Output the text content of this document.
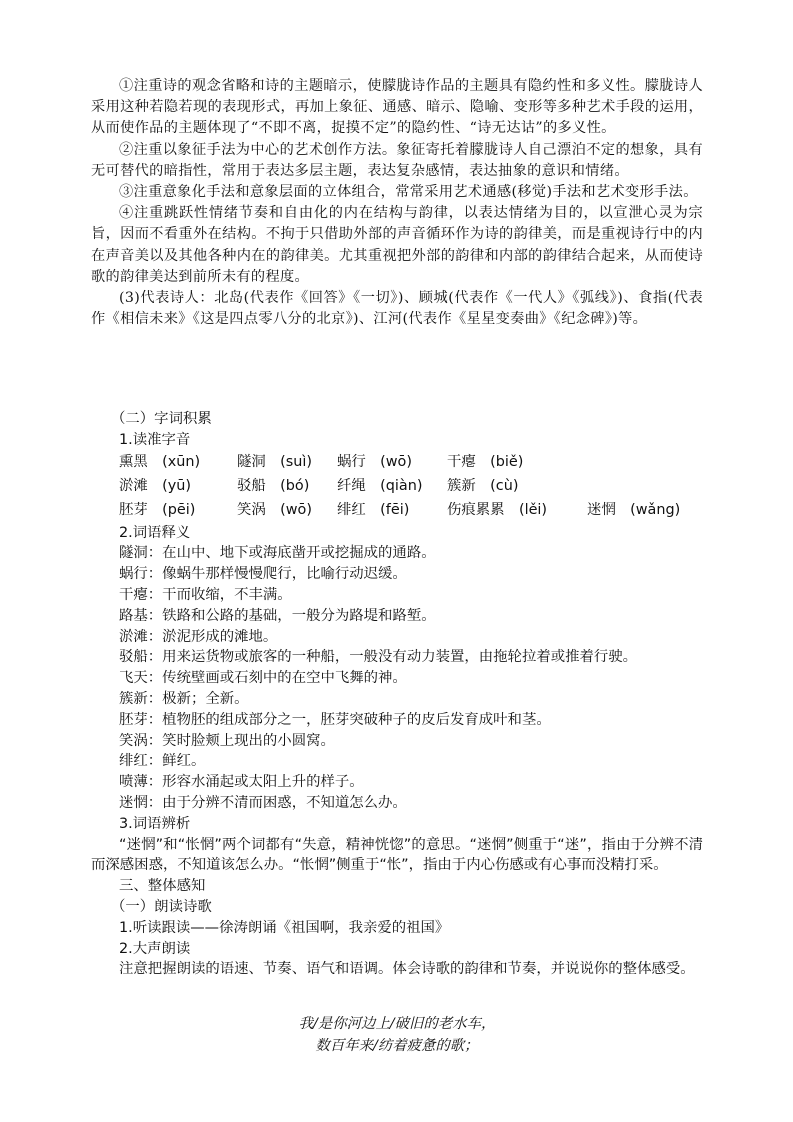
①注重诗的观念省略和诗的主题暗示，使朦胧诗作品的主题具有隐约性和多义性。朦胧诗人采用这种若隐若现的表现形式，再加上象征、通感、暗示、隐喻、变形等多种艺术手段的运用，从而使作品的主题体现了“不即不离，捉摸不定”的隐约性、“诗无达诂”的多义性。

②注重以象征手法为中心的艺术创作方法。象征寄托着朦胧诗人自己漂泊不定的想象，具有无可替代的暗指性，常用于表达多层主题，表达复杂感情，表达抽象的意识和情绪。

③注重意象化手法和意象层面的立体组合，常常采用艺术通感(移觉)手法和艺术变形手法。

④注重跳跃性情绪节奏和自由化的内在结构与韵律，以表达情绪为目的，以宣泄心灵为宗旨，因而不看重外在结构。不拘于只借助外部的声音循环作为诗的韵律美，而是重视诗行中的内在声音美以及其他各种内在的韵律美。尤其重视把外部的韵律和内部的韵律结合起来，从而使诗歌的韵律美达到前所未有的程度。

(3)代表诗人：北岛(代表作《回答》《一切》)、顾城(代表作《一代人》《弧线》)、食指(代表作《相信未来》《这是四点零八分的北京》)、江河(代表作《星星变奏曲》《纪念碑》)等。

（二）字词积累

1.读准字音

熏黑　(xūn)	隧洞　(suì)	蜗行　(wō)	干瘪　(biě)
淤滩　(yū)	驳船　(bó)	纤绳　(qiàn)	簇新　(cù)
胚芽　(pēi)	笑涡　(wō)	绯红　(fēi)	伤痕累累　(lěi)	迷惘　(wǎng)

2.词语释义

隧洞：在山中、地下或海底凿开或挖掘成的通路。

蜗行：像蜗牛那样慢慢爬行，比喻行动迟缓。

干瘪：干而收缩，不丰满。

路基：铁路和公路的基础，一般分为路堤和路堑。

淤滩：淤泥形成的滩地。

驳船：用来运货物或旅客的一种船，一般没有动力装置，由拖轮拉着或推着行驶。

飞天：传统壁画或石刻中的在空中飞舞的神。

簇新：极新；全新。

胚芽：植物胚的组成部分之一，胚芽突破种子的皮后发育成叶和茎。

笑涡：笑时脸颊上现出的小圆窝。

绯红：鲜红。

喷薄：形容水涌起或太阳上升的样子。

迷惘：由于分辨不清而困惑，不知道怎么办。

3.词语辨析

“迷惘”和“怅惘”两个词都有“失意，精神恍惚”的意思。“迷惘”侧重于“迷”，指由于分辨不清而深感困惑，不知道该怎么办。“怅惘”侧重于“怅”，指由于内心伤感或有心事而没精打采。

三、整体感知

（一）朗读诗歌

1.听读跟读——徐涛朗诵《祖国啊，我亲爱的祖国》

2.大声朗读

注意把握朗读的语速、节奏、语气和语调。体会诗歌的韵律和节奏，并说说你的整体感受。

我/是你河边上/破旧的老水车，

数百年来/纺着疲惫的歌；
